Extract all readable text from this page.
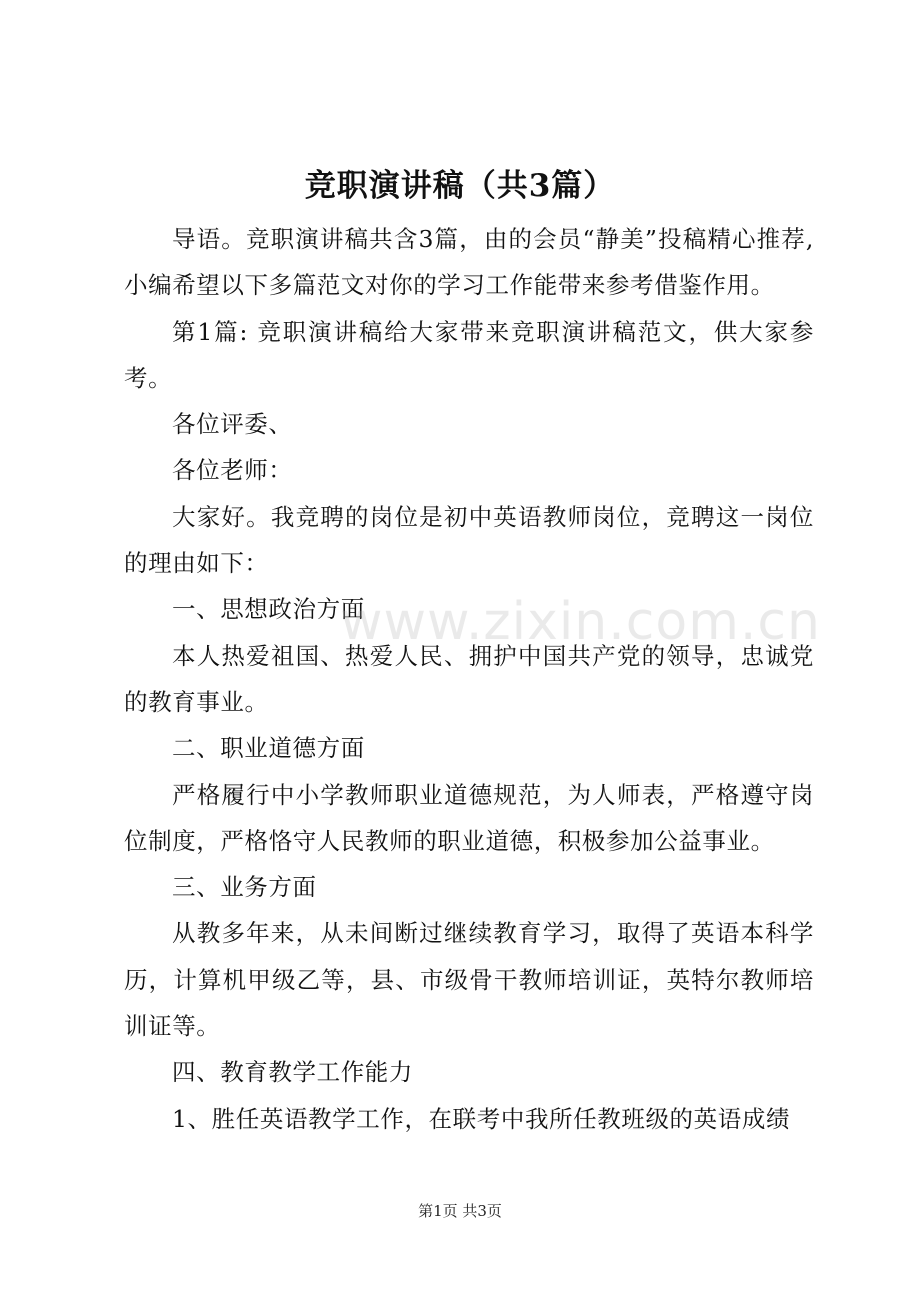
竞职演讲稿（共3篇）

导语。竞职演讲稿共含3篇，由的会员“静美”投稿精心推荐,小编希望以下多篇范文对你的学习工作能带来参考借鉴作用。

第1篇: 竞职演讲稿给大家带来竞职演讲稿范文，供大家参考。

各位评委、

各位老师：

大家好。我竞聘的岗位是初中英语教师岗位，竞聘这一岗位的理由如下：

一、思想政治方面

本人热爱祖国、热爱人民、拥护中国共产党的领导，忠诚党的教育事业。

二、职业道德方面

严格履行中小学教师职业道德规范，为人师表，严格遵守岗位制度，严格恪守人民教师的职业道德，积极参加公益事业。

三、业务方面

从教多年来，从未间断过继续教育学习，取得了英语本科学历，计算机甲级乙等，县、市级骨干教师培训证，英特尔教师培训证等。

四、教育教学工作能力

1、胜任英语教学工作，在联考中我所任教班级的英语成绩

www.zixin.com.cn
第1页 共3页
